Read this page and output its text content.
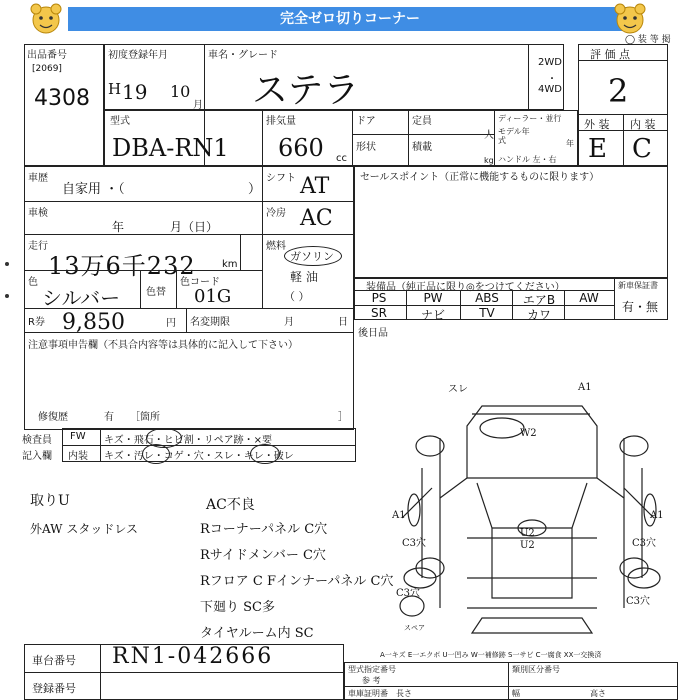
完全ゼロ切りコーナー
◯ 装 等 掲
出品番号
[2069]
4308
初度登録年月
H 19 10
月
車名・グレード
ステラ
2WD
・
4WD
評 価 点
2
外 装 内 装
E C
型式
DBA-RN1
排気量
660 cc
ドア	定員
人
形状	積載
kg
ディーラー・並行
モデル年式	年
ハンドル 左・右
車歴
自家用 ・（	）
シフト AT
車検
年	月（日）
冷房 AC
走行
13万6千232	km
燃料
ガソリン
軽 油
（ ）
色
シルバー	色替
色コード
01G
R券 9,850	円 名変期限	月	日
注意事項申告欄（不具合内容等は具体的に記入して下さい）
修復歴	有 ［箇所	］
セールスポイント（正常に機能するものに限ります）
装備品（純正品に限り◎をつけてください）	新車保証書
有・無
PS	PW	ABS	エアB	AW
SR	ナビ	TV	カワ
後日品
検査員
記入欄
FW キズ・飛石・ヒビ割・リペア跡・×要
内装 キズ・汚レ・コゲ・穴・スレ・キレ・破レ
取りU
外AW スタッドレス
AC不良
Rコーナーパネル C穴
Rサイドメンバー C穴
Rフロア C Fインナーパネル C穴
下廻り SC多
タイヤルーム内 SC
スレ	A1
W2
U2
U2
A1
C3穴
A1
C3穴
C3穴
C3穴
スペア
A一キズ E一エクボ U一凹み W一補修跡 S一サビ C一腐食 XX一交換済
車台番号 RN1-042666
登録番号
型式指定番号
参 考
類別区分番号
車庫証明番 長さ	幅	高さ
